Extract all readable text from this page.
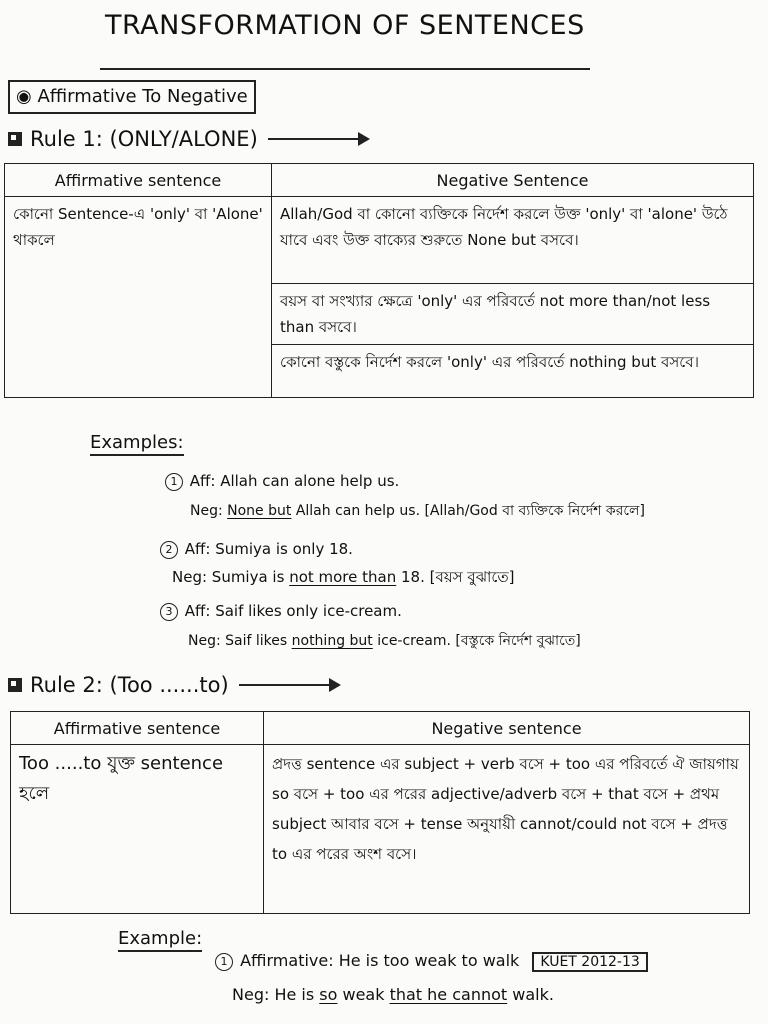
TRANSFORMATION OF SENTENCES
◉ Affirmative To Negative
Rule 1: (ONLY/ALONE)
Affirmative sentence	Negative Sentence
কোনো Sentence-এ 'only' বা 'Alone' থাকলে	Allah/God বা কোনো ব্যক্তিকে নির্দেশ করলে উক্ত 'only' বা 'alone' উঠে যাবে এবং উক্ত বাক্যের শুরুতে None but বসবে।
	বয়স বা সংখ্যার ক্ষেত্রে 'only' এর পরিবর্তে not more than/not less than বসবে।
	কোনো বস্তুকে নির্দেশ করলে 'only' এর পরিবর্তে nothing but বসবে।
Examples:
1 Aff: Allah can alone help us.
Neg: None but Allah can help us. [Allah/God বা ব্যক্তিকে নির্দেশ করলে]
2 Aff: Sumiya is only 18.
Neg: Sumiya is not more than 18. [বয়স বুঝাতে]
3 Aff: Saif likes only ice-cream.
Neg: Saif likes nothing but ice-cream. [বস্তুকে নির্দেশ বুঝাতে]
Rule 2: (Too ......to)
Affirmative sentence	Negative sentence
Too .....to যুক্ত sentence হলে	প্রদত্ত sentence এর subject + verb বসে + too এর পরিবর্তে ঐ জায়গায় so বসে + too এর পরের adjective/adverb বসে + that বসে + প্রথম subject আবার বসে + tense অনুযায়ী cannot/could not বসে + প্রদত্ত to এর পরের অংশ বসে।
Example:
1 Affirmative: He is too weak to walk KUET 2012-13
Neg: He is so weak that he cannot walk.
